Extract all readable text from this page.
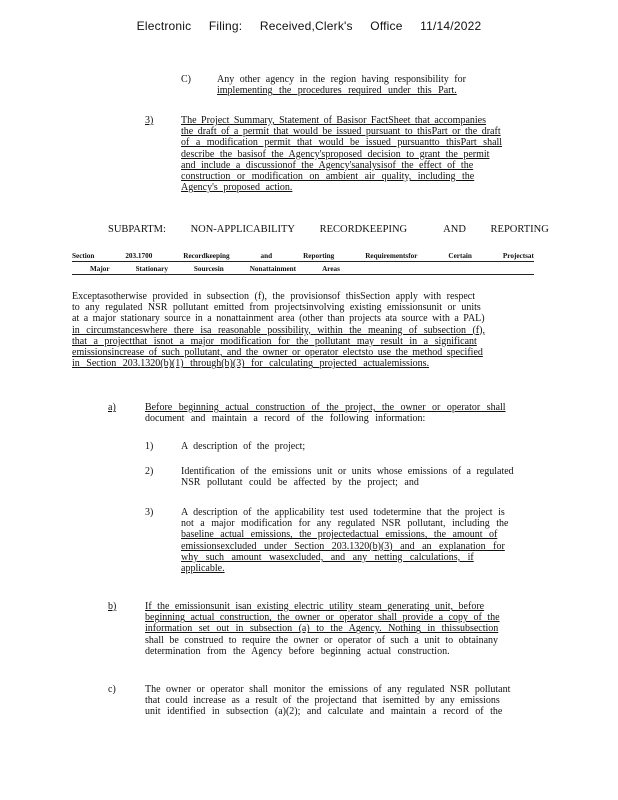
Electronic Filing: Received,Clerk's Office 11/14/2022
C)	Any other agency in the region having responsibility for
implementing the procedures required under this Part.
3)	The Project Summary, Statement of Basisor FactSheet that accompanies
the draft of a permit that would be issued pursuant to thisPart or the draft
of a modification permit that would be issued pursuantto thisPart shall
describe the basisof the Agency'sproposed decision to grant the permit
and include a discussionof the Agency'sanalysisof the effect of the
construction or modification on ambient air quality, including the
Agency's proposed action.
SUBPARTM: NON-APPLICABILITY RECORDKEEPING	AND REPORTING
Section	203.1700	Recordkeeping	and	Reporting	Requirementsfor	Certain	Projectsat
Major	Stationary	Sourcesin	Nonattainment	Areas
Exceptasotherwise provided in subsection (f), the provisionsof thisSection apply with respect
to any regulated NSR pollutant emitted from projectsinvolving existing emissionsunit or units
at a major stationary source in a nonattainment area (other than projects ata source with a PAL)
in circumstanceswhere there isa reasonable possibility, within the meaning of subsection (f),
that a projectthat isnot a major modification for the pollutant may result in a significant
emissionsincrease of such pollutant, and the owner or operator electsto use the method specified
in Section 203.1320(b)(1) through(b)(3) for calculating projected actualemissions.
a)	Before beginning actual construction of the project, the owner or operator shall
document and maintain a record of the following information:
1)	A description of the project;
2)	Identification of the emissions unit or units whose emissions of a regulated
NSR pollutant could be affected by the project; and
3)	A description of the applicability test used todetermine that the project is
not a major modification for any regulated NSR pollutant, including the
baseline actual emissions, the projectedactual emissions, the amount of
emissionsexcluded under Section 203.1320(b)(3) and an explanation for
why such amount wasexcluded, and any netting calculations, if
applicable.
b)	If the emissionsunit isan existing electric utility steam generating unit, before
beginning actual construction, the owner or operator shall provide a copy of the
information set out in subsection (a) to the Agency. Nothing in thissubsection
shall be construed to require the owner or operator of such a unit to obtainany
determination from the Agency before beginning actual construction.
c)	The owner or operator shall monitor the emissions of any regulated NSR pollutant
that could increase as a result of the projectand that isemitted by any emissions
unit identified in subsection (a)(2); and calculate and maintain a record of the
